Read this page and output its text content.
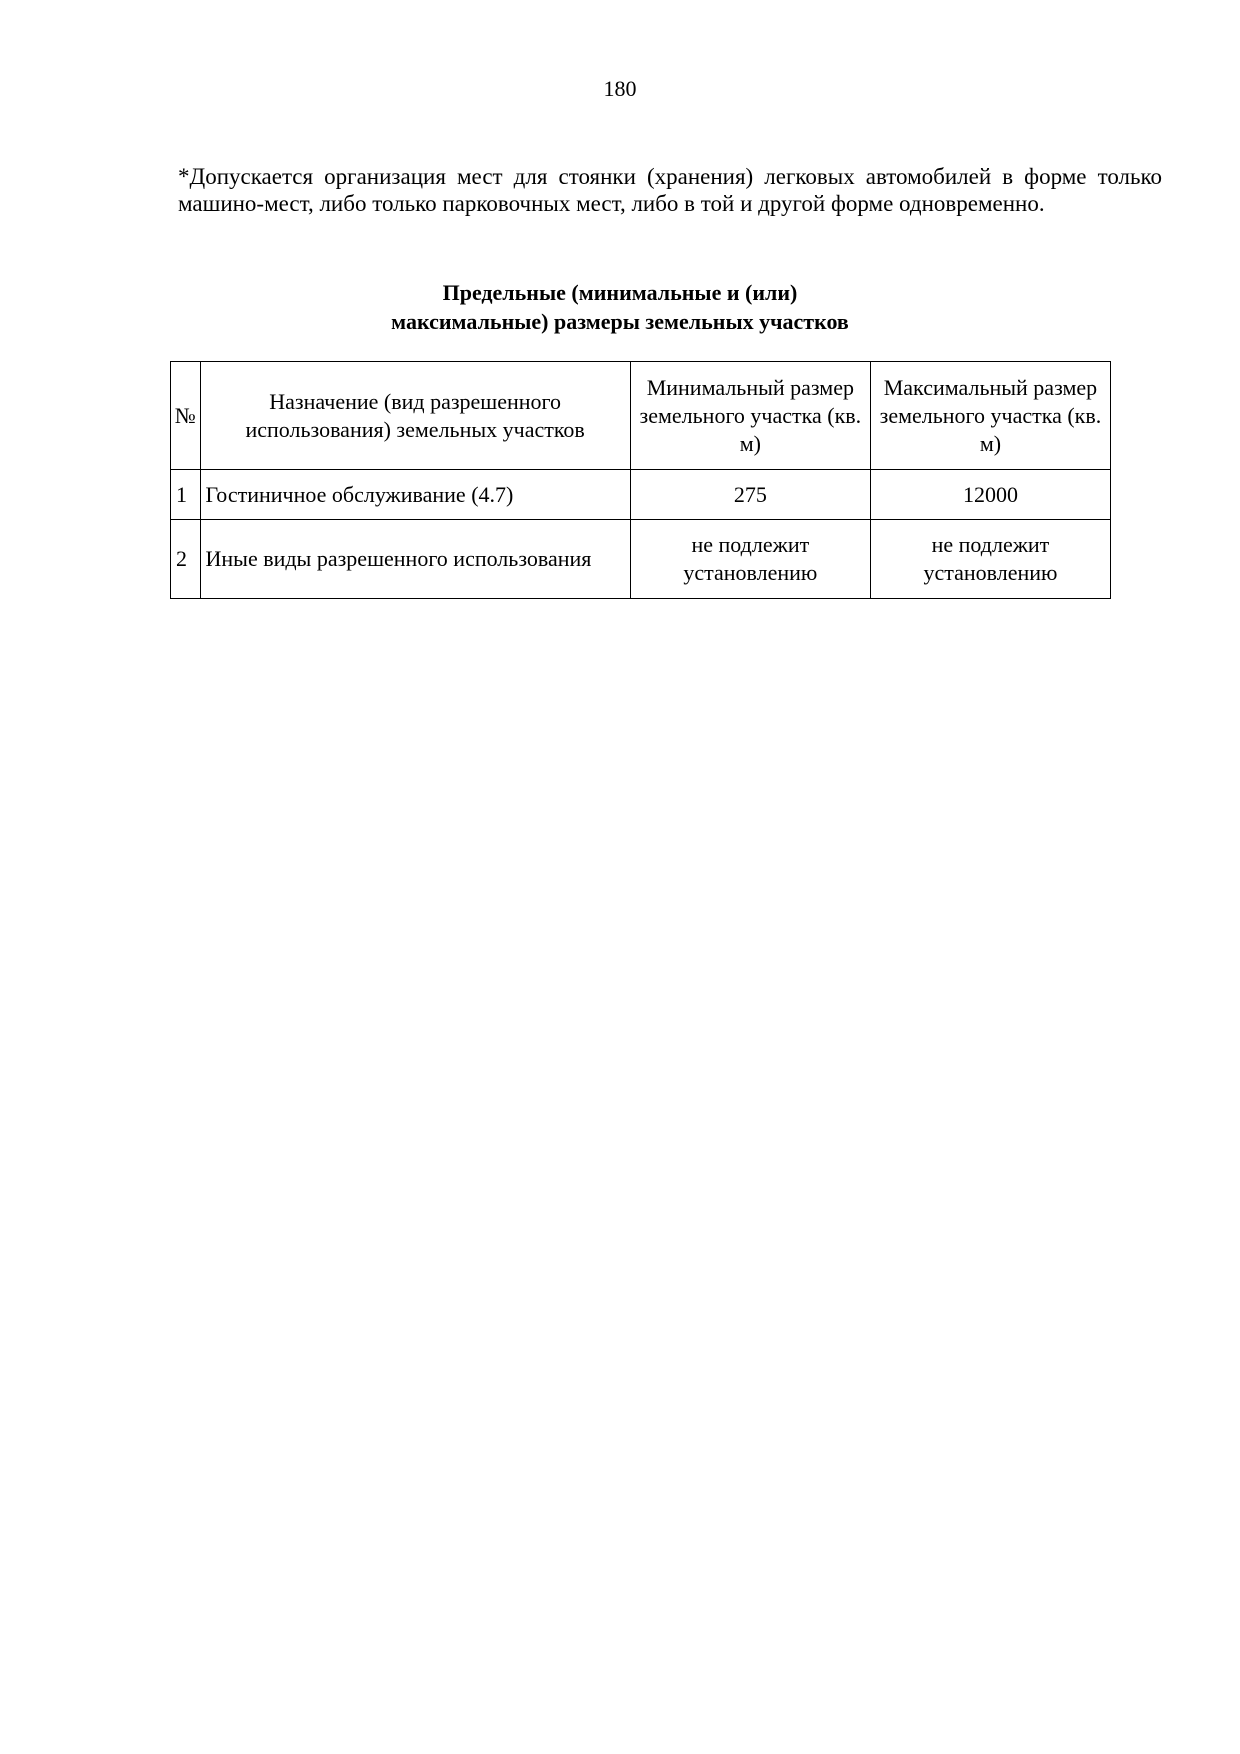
180

*Допускается организация мест для стоянки (хранения) легковых автомобилей в форме только машино-мест, либо только парковочных мест, либо в той и другой форме одновременно.

Предельные (минимальные и (или)
максимальные) размеры земельных участков
№	Назначение (вид разрешенного использования) земельных участков	Минимальный размер земельного участка (кв. м)	Максимальный размер земельного участка (кв. м)
1	Гостиничное обслуживание (4.7)	275	12000
2	Иные виды разрешенного использования	не подлежит установлению	не подлежит установлению
